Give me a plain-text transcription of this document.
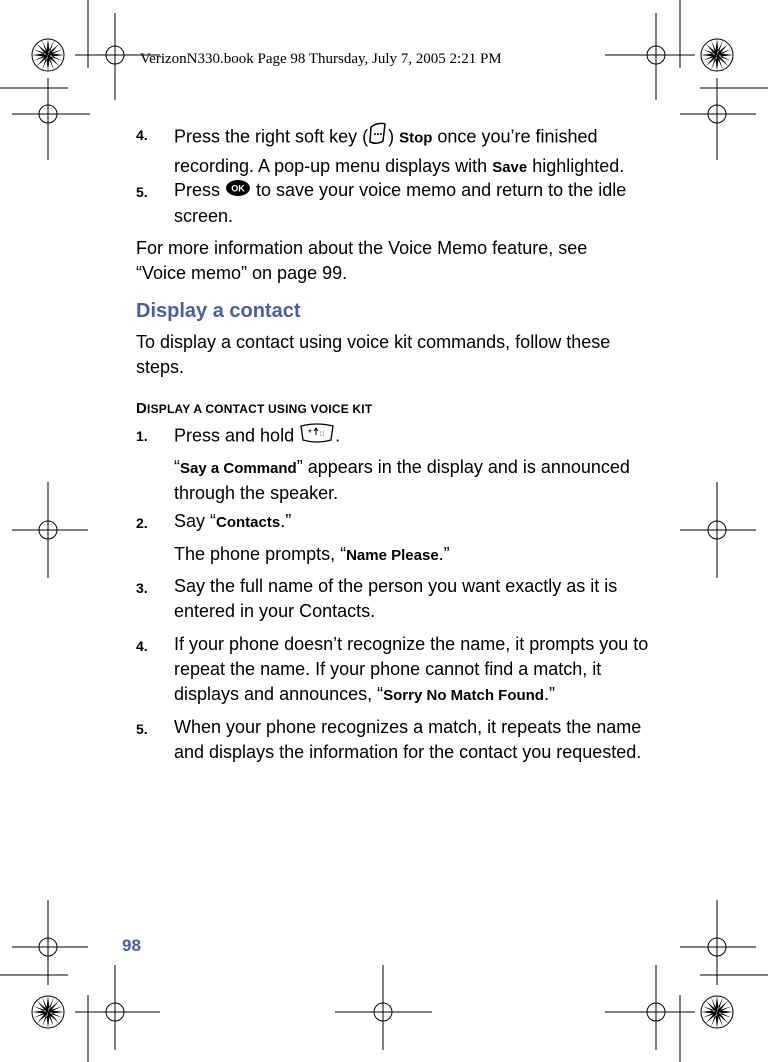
VerizonN330.book Page 98 Thursday, July 7, 2005 2:21 PM
4. Press the right soft key ( ) Stop once you’re finished recording. A pop-up menu displays with Save highlighted.
5. Press OK to save your voice memo and return to the idle screen.
For more information about the Voice Memo feature, see “Voice memo” on page 99.
Display a contact
To display a contact using voice kit commands, follow these steps.
DISPLAY A CONTACT USING VOICE KIT
1. Press and hold * ∷ .
“Say a Command” appears in the display and is announced through the speaker.
2. Say “Contacts.”
The phone prompts, “Name Please.”
3. Say the full name of the person you want exactly as it is entered in your Contacts.
4. If your phone doesn’t recognize the name, it prompts you to repeat the name. If your phone cannot find a match, it displays and announces, “Sorry No Match Found.”
5. When your phone recognizes a match, it repeats the name and displays the information for the contact you requested.
98
